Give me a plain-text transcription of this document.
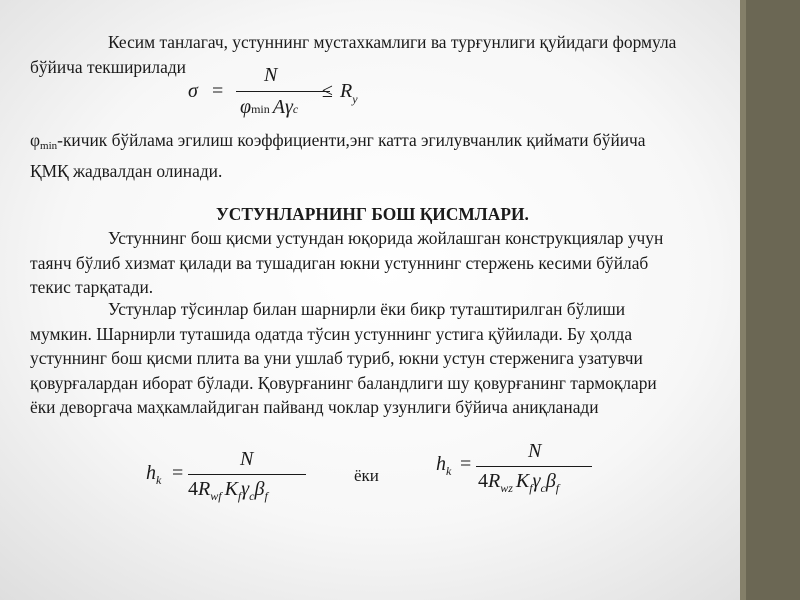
Кесим танлагач, устуннинг мустахкамлиги ва турғунлиги қуйидаги формула
бўйича текширилади
σ =
N
φmin Aγc
≤ $R_y$
φmin-кичик бўйлама эгилиш коэффициенти,энг катта эгилувчанлик қиймати бўйича
ҚМҚ жадвалдан олинади.
УСТУНЛАРНИНГ БОШ ҚИСМЛАРИ.
Устуннинг бош қисми устундан юқорида жойлашган конструкциялар учун
таянч бўлиб хизмат қилади ва тушадиган юкни устуннинг стержень кесими бўйлаб
текис тарқатади.
Устунлар тўсинлар билан шарнирли ёки бикр туташтирилган бўлиши
мумкин. Шарнирли туташида одатда тўсин устуннинг устига қўйилади. Бу ҳолда
устуннинг бош қисми плита ва уни ушлаб туриб, юкни устун стерженига узатувчи
қовурғалардан иборат бўлади. Қовурғанинг баландлиги шу қовурғанинг тармоқлари
ёки деворгача маҳкамлайдиган пайванд чоклар узунлиги бўйича аниқланади
$h_k$ =
N
$4R_{wf}$ $K_f\gamma_c\beta_f$
ёки
$h_k$ =
N
$4R_{wz}$ $K_f\gamma_c\beta_f$
